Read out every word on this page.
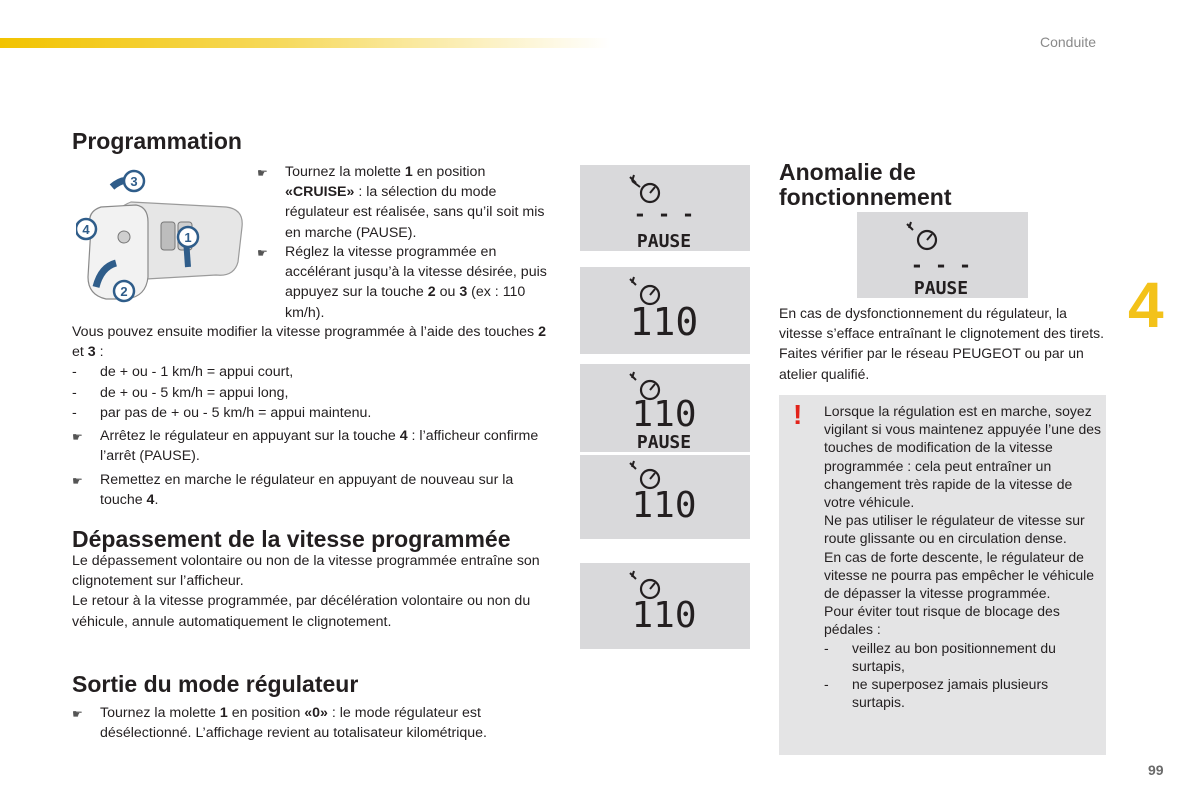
Conduite
4
99
Programmation
1
2
3
4
☛	Tournez la molette 1 en position «CRUISE» : la sélection du mode régulateur est réalisée, sans qu’il soit mis en marche (PAUSE).
☛	Réglez la vitesse programmée en accélérant jusqu’à la vitesse désirée, puis appuyez sur la touche 2 ou 3 (ex : 110 km/h).
Vous pouvez ensuite modifier la vitesse programmée à l’aide des touches 2 et 3 :
-	de + ou - 1 km/h = appui court,
-	de + ou - 5 km/h = appui long,
-	par pas de + ou - 5 km/h = appui maintenu.
☛	Arrêtez le régulateur en appuyant sur la touche 4 : l’afficheur confirme l’arrêt (PAUSE).
☛	Remettez en marche le régulateur en appuyant de nouveau sur la touche 4.
Dépassement de la vitesse programmée
Le dépassement volontaire ou non de la vitesse programmée entraîne son clignotement sur l’afficheur.
Le retour à la vitesse programmée, par décélération volontaire ou non du véhicule, annule automatiquement le clignotement.
Sortie du mode régulateur
☛	Tournez la molette 1 en position «0» : le mode régulateur est désélectionné. L’affichage revient au totalisateur kilométrique.
- - -
PAUSE
110
110
PAUSE
110
110
Anomalie de fonctionnement
- - -
PAUSE
En cas de dysfonctionnement du régulateur, la vitesse s’efface entraînant le clignotement des tirets. Faites vérifier par le réseau PEUGEOT ou par un atelier qualifié.
! Lorsque la régulation est en marche, soyez vigilant si vous maintenez appuyée l’une des touches de modification de la vitesse programmée : cela peut entraîner un changement très rapide de la vitesse de votre véhicule.
Ne pas utiliser le régulateur de vitesse sur route glissante ou en circulation dense.
En cas de forte descente, le régulateur de vitesse ne pourra pas empêcher le véhicule de dépasser la vitesse programmée.
Pour éviter tout risque de blocage des pédales :
-	veillez au bon positionnement du surtapis,
-	ne superposez jamais plusieurs surtapis.
